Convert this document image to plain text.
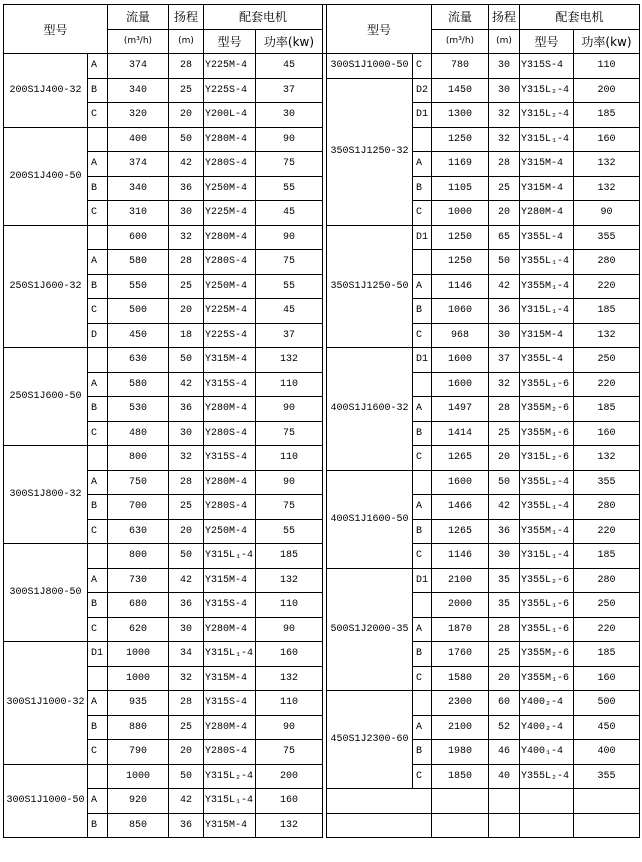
型号		流量	扬程	配套电机			型号		流量	扬程	配套电机	
		(m³/h)	(m)	型号	功率(kw)				(m³/h)	(m)	型号	功率(kw)
200S1J400-32	A	374	28	Y225M-4	45		300S1J1000-50	C	780	30	Y315S-4	110
	B	340	25	Y225S-4	37		350S1J1250-32	D2	1450	30	Y315L₂-4	200
	C	320	20	Y200L-4	30			D1	1300	32	Y315L₂-4	185
200S1J400-50		400	50	Y280M-4	90				1250	32	Y315L₁-4	160
	A	374	42	Y280S-4	75			A	1169	28	Y315M-4	132
	B	340	36	Y250M-4	55			B	1105	25	Y315M-4	132
	C	310	30	Y225M-4	45			C	1000	20	Y280M-4	90
250S1J600-32		600	32	Y280M-4	90		350S1J1250-50	D1	1250	65	Y355L-4	355
	A	580	28	Y280S-4	75				1250	50	Y355L₁-4	280
	B	550	25	Y250M-4	55			A	1146	42	Y355M₁-4	220
	C	500	20	Y225M-4	45			B	1060	36	Y315L₁-4	185
	D	450	18	Y225S-4	37			C	968	30	Y315M-4	132
250S1J600-50		630	50	Y315M-4	132		400S1J1600-32	D1	1600	37	Y355L-4	250
	A	580	42	Y315S-4	110				1600	32	Y355L₁-6	220
	B	530	36	Y280M-4	90			A	1497	28	Y355M₂-6	185
	C	480	30	Y280S-4	75			B	1414	25	Y355M₁-6	160
300S1J800-32		800	32	Y315S-4	110			C	1265	20	Y315L₂-6	132
	A	750	28	Y280M-4	90		400S1J1600-50		1600	50	Y355L₂-4	355
	B	700	25	Y280S-4	75			A	1466	42	Y355L₁-4	280
	C	630	20	Y250M-4	55			B	1265	36	Y355M₁-4	220
300S1J800-50		800	50	Y315L₁-4	185			C	1146	30	Y315L₁-4	185
	A	730	42	Y315M-4	132		500S1J2000-35	D1	2100	35	Y355L₂-6	280
	B	680	36	Y315S-4	110				2000	35	Y355L₁-6	250
	C	620	30	Y280M-4	90			A	1870	28	Y355L₁-6	220
300S1J1000-32	D1	1000	34	Y315L₁-4	160			B	1760	25	Y355M₂-6	185
		1000	32	Y315M-4	132			C	1580	20	Y355M₁-6	160
	A	935	28	Y315S-4	110		450S1J2300-60		2300	60	Y400₂-4	500
	B	880	25	Y280M-4	90			A	2100	52	Y400₂-4	450
	C	790	20	Y280S-4	75			B	1980	46	Y400₁-4	400
300S1J1000-50		1000	50	Y315L₂-4	200			C	1850	40	Y355L₂-4	355
	A	920	42	Y315L₁-4	160							
	B	850	36	Y315M-4	132							
